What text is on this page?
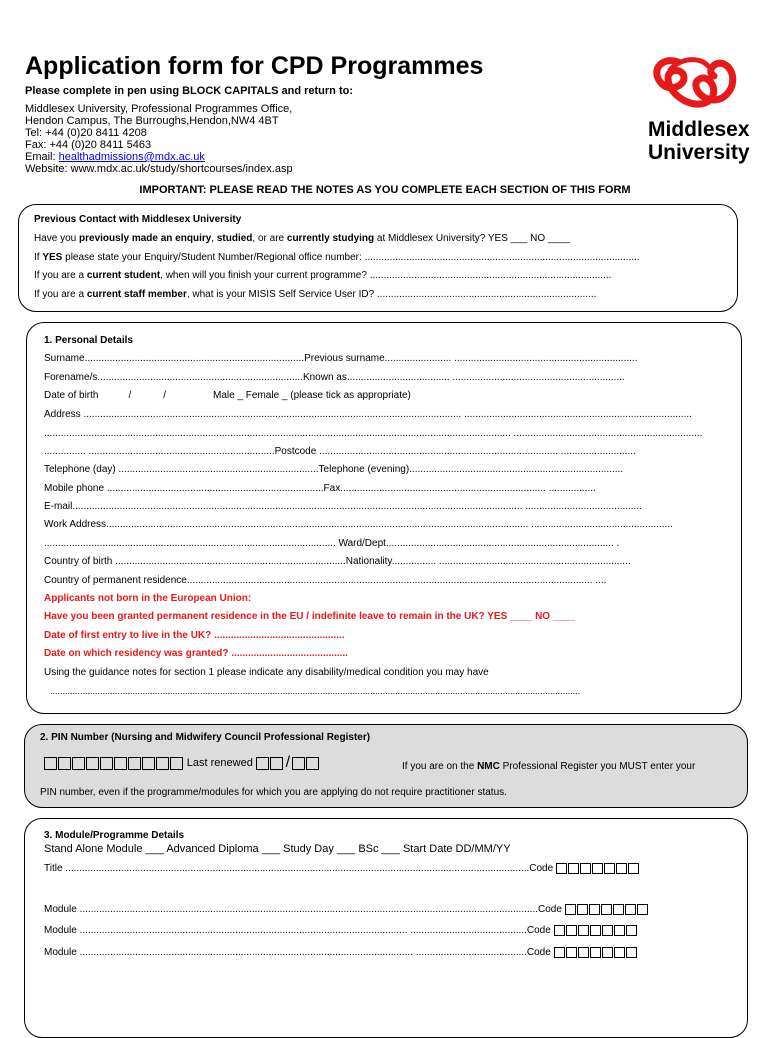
Application form for CPD Programmes
Please complete in pen using BLOCK CAPITALS and return to:
Middlesex University, Professional Programmes Office,
Hendon Campus, The Burroughs,Hendon,NW4 4BT
Tel: +44 (0)20 8411 4208
Fax: +44 (0)20 8411 5463
Email: healthadmissions@mdx.ac.uk
Website: www.mdx.ac.uk/study/shortcourses/index.asp
Middlesex
University
IMPORTANT: PLEASE READ THE NOTES AS YOU COMPLETE EACH SECTION OF THIS FORM
Previous Contact with Middlesex University
Have you previously made an enquiry, studied, or are currently studying at Middlesex University? YES ___ NO ____
If YES please state your Enquiry/Student Number/Regional office number: ...................................................................................................
If you are a current student, when will you finish your current programme? .......................................................................................
If you are a current staff member, what is your MISIS Self Service User ID? ...............................................................................
1. Personal Details
Surname...............................................................................Previous surname........................ ..................................................................
Forename/s..........................................................................Known as..................................... ..............................................................
Date of birth	/	/	Male _ Female _ (please tick as appropriate)
Address ........................................................................................................................................ ..................................................................................
........................................................................................................................................................................ ....................................................................
............... ...................................................................Postcode ...................................................................................... ...........................
Telephone (day) ........................................................................Telephone (evening).............................................................................
Mobile phone ..............................................................................Fax.......................................................................... .................
E-mail.................................................................................................................................................................. ..........................................
Work Address........................................................................................................................................................ ...................................................
......................................................................................................... Ward/Dept.................................................................................. .
Country of birth ...................................................................................Nationality................ .....................................................................
Country of permanent residence.................................................................................................................................................. ....
Applicants not born in the European Union:
Have you been granted permanent residence in the EU / indefinite leave to remain in the UK? YES ____ NO ____
Date of first entry to live in the UK? ...............................................
Date on which residency was granted? ..........................................
Using the guidance notes for section 1 please indicate any disability/medical condition you may have
....................................................................................................................................................................................................................
2. PIN Number (Nursing and Midwifery Council Professional Register)
Last renewed /	If you are on the NMC Professional Register you MUST enter your
PIN number, even if the programme/modules for which you are applying do not require practitioner status.
3. Module/Programme Details
Stand Alone Module ___ Advanced Diploma ___ Study Day ___ BSc ___ Start Date DD/MM/YY
Title .......................................................................................................................................................................Code
Module .....................................................................................................................................................................Code
Module ...................................................................................................................... ..........................................Code
Module ........................................................................................................................ ........................................Code
